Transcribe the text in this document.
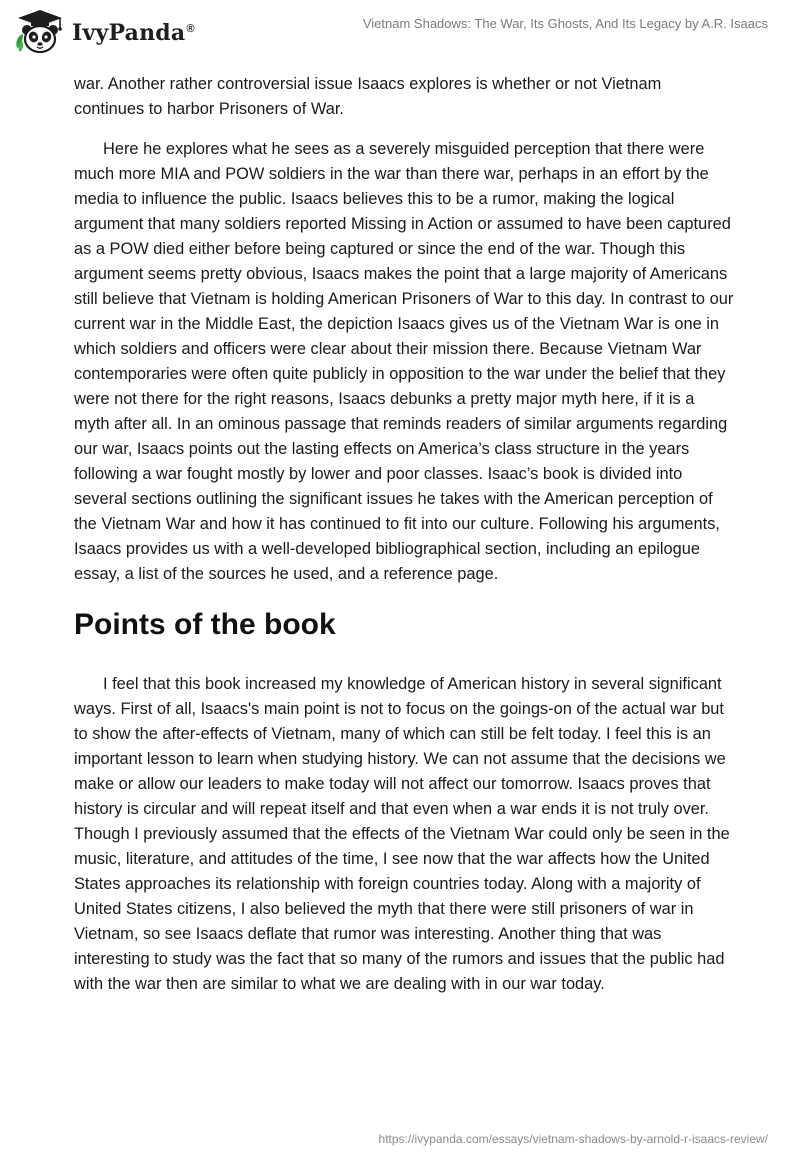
IvyPanda®	Vietnam Shadows: The War, Its Ghosts, And Its Legacy by A.R. Isaacs

war. Another rather controversial issue Isaacs explores is whether or not Vietnam continues to harbor Prisoners of War.

Here he explores what he sees as a severely misguided perception that there were much more MIA and POW soldiers in the war than there war, perhaps in an effort by the media to influence the public. Isaacs believes this to be a rumor, making the logical argument that many soldiers reported Missing in Action or assumed to have been captured as a POW died either before being captured or since the end of the war. Though this argument seems pretty obvious, Isaacs makes the point that a large majority of Americans still believe that Vietnam is holding American Prisoners of War to this day. In contrast to our current war in the Middle East, the depiction Isaacs gives us of the Vietnam War is one in which soldiers and officers were clear about their mission there. Because Vietnam War contemporaries were often quite publicly in opposition to the war under the belief that they were not there for the right reasons, Isaacs debunks a pretty major myth here, if it is a myth after all. In an ominous passage that reminds readers of similar arguments regarding our war, Isaacs points out the lasting effects on America’s class structure in the years following a war fought mostly by lower and poor classes. Isaac’s book is divided into several sections outlining the significant issues he takes with the American perception of the Vietnam War and how it has continued to fit into our culture. Following his arguments, Isaacs provides us with a well-developed bibliographical section, including an epilogue essay, a list of the sources he used, and a reference page.

Points of the book

I feel that this book increased my knowledge of American history in several significant ways. First of all, Isaacs's main point is not to focus on the goings-on of the actual war but to show the after-effects of Vietnam, many of which can still be felt today. I feel this is an important lesson to learn when studying history. We can not assume that the decisions we make or allow our leaders to make today will not affect our tomorrow. Isaacs proves that history is circular and will repeat itself and that even when a war ends it is not truly over. Though I previously assumed that the effects of the Vietnam War could only be seen in the music, literature, and attitudes of the time, I see now that the war affects how the United States approaches its relationship with foreign countries today. Along with a majority of United States citizens, I also believed the myth that there were still prisoners of war in Vietnam, so see Isaacs deflate that rumor was interesting. Another thing that was interesting to study was the fact that so many of the rumors and issues that the public had with the war then are similar to what we are dealing with in our war today.

https://ivypanda.com/essays/vietnam-shadows-by-arnold-r-isaacs-review/
